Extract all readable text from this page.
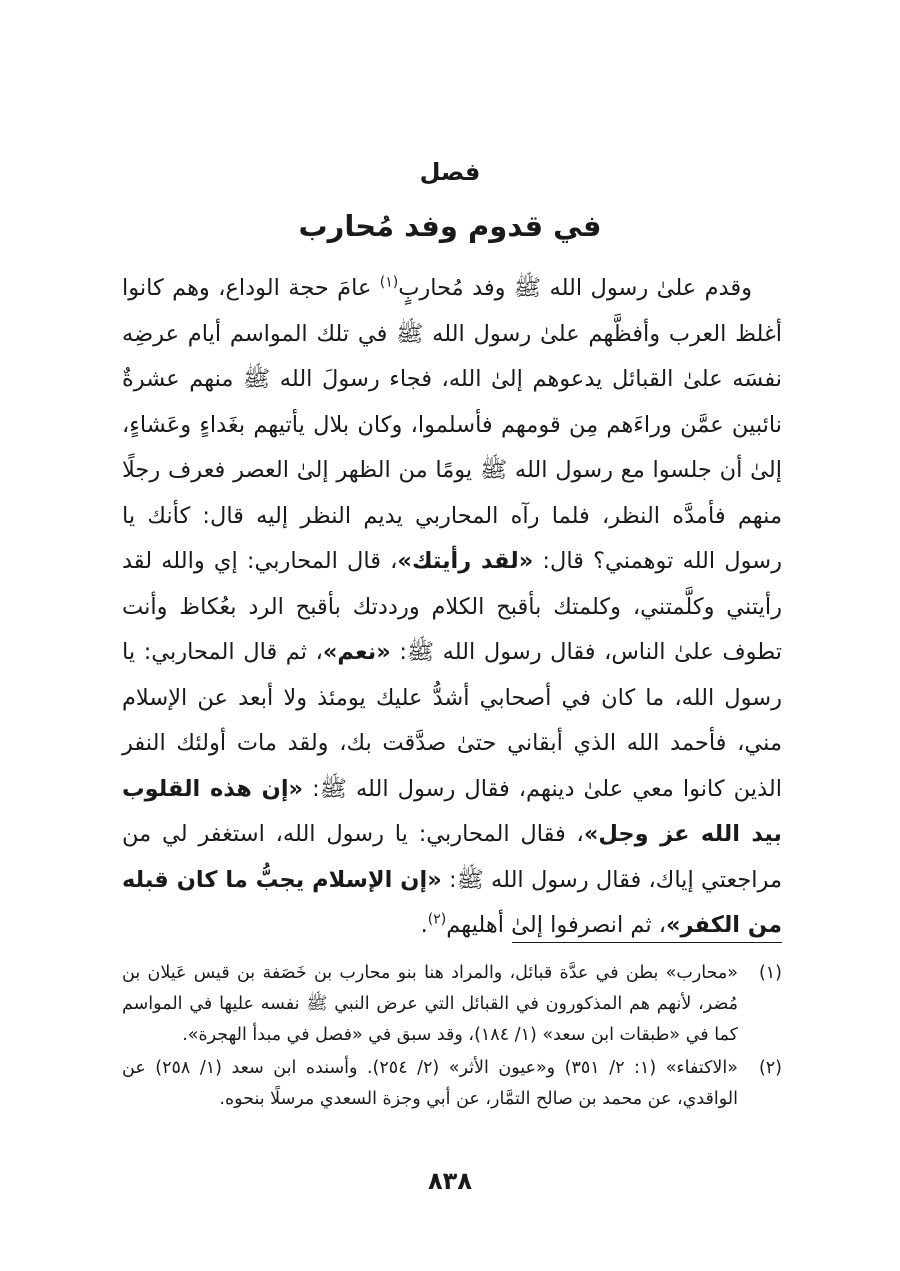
فصل
في قدوم وفد مُحارب

وقدم علىٰ رسول الله ﷺ وفد مُحاربٍ$^{(١)}$ عامَ حجة الوداع، وهم كانوا أغلظ العرب وأفظَّهم علىٰ رسول الله ﷺ في تلك المواسم أيام عرضِه نفسَه علىٰ القبائل يدعوهم إلىٰ الله، فجاء رسولَ الله ﷺ منهم عشرةٌ نائبين عمَّن وراءَهم مِن قومهم فأسلموا، وكان بلال يأتيهم بغَداءٍ وعَشاءٍ، إلىٰ أن جلسوا مع رسول الله ﷺ يومًا من الظهر إلىٰ العصر فعرف رجلًا منهم فأمدَّه النظر، فلما رآه المحاربي يديم النظر إليه قال: كأنك يا رسول الله توهمني؟ قال: «لقد رأيتك»، قال المحاربي: إي والله لقد رأيتني وكلَّمتني، وكلمتك بأقبح الكلام ورددتك بأقبح الرد بعُكاظ وأنت تطوف علىٰ الناس، فقال رسول الله ﷺ: «نعم»، ثم قال المحاربي: يا رسول الله، ما كان في أصحابي أشدُّ عليك يومئذ ولا أبعد عن الإسلام مني، فأحمد الله الذي أبقاني حتىٰ صدَّقت بك، ولقد مات أولئك النفر الذين كانوا معي علىٰ دينهم، فقال رسول الله ﷺ: «إن هذه القلوب بيد الله عز وجل»، فقال المحاربي: يا رسول الله، استغفر لي من مراجعتي إياك، فقال رسول الله ﷺ: «إن الإسلام يجبُّ ما كان قبله من الكفر»، ثم انصرفوا إلىٰ أهليهم$^{(٢)}$.

(١)
«محارب» بطن في عدَّة قبائل، والمراد هنا بنو محارب بن خَصَفة بن قيس عَيلان بن مُضر، لأنهم هم المذكورون في القبائل التي عرض النبي ﷺ نفسه عليها في المواسم كما في «طبقات ابن سعد» (١/ ١٨٤)، وقد سبق في «فصل في مبدأ الهجرة».
(٢)
«الاكتفاء» (١: ٢/ ٣٥١) و«عيون الأثر» (٢/ ٢٥٤). وأسنده ابن سعد (١/ ٢٥٨) عن الواقدي، عن محمد بن صالح التمَّار، عن أبي وجزة السعدي مرسلًا بنحوه.
٨٣٨
